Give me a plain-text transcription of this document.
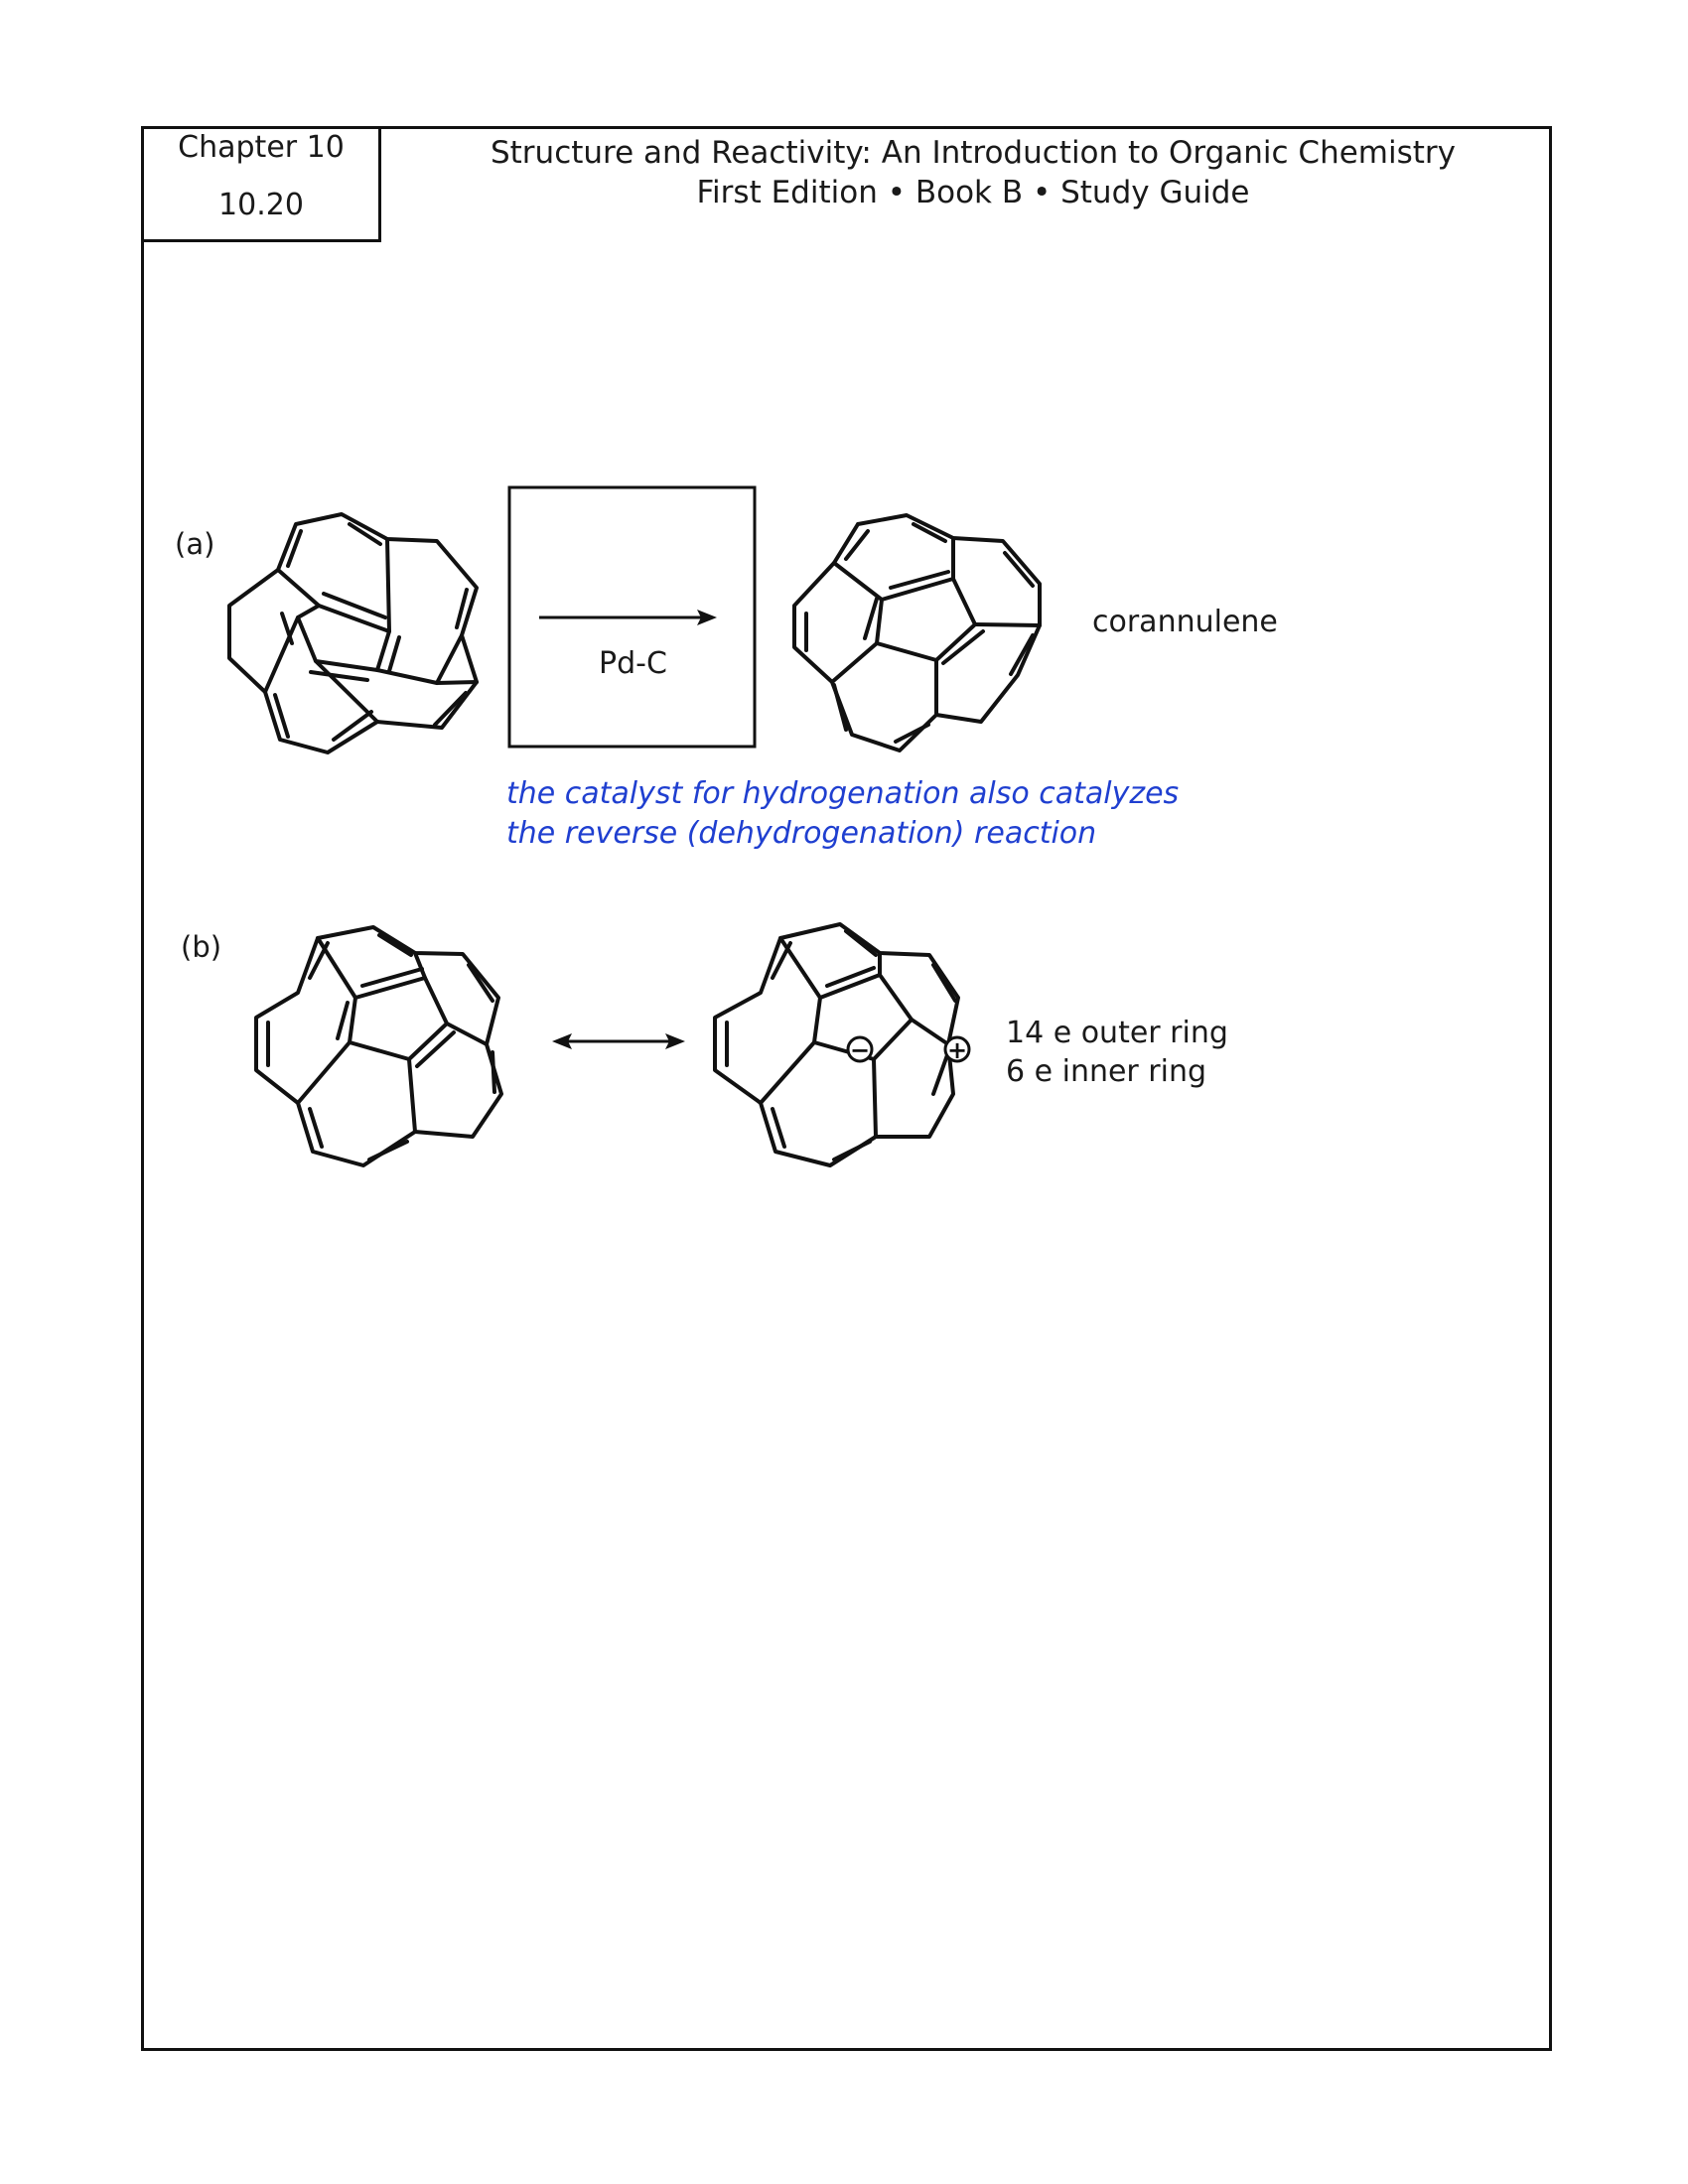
Chapter 10
10.20
Structure and Reactivity: An Introduction to Organic Chemistry
First Edition • Book B • Study Guide
−	+
(a)
Pd-C
corannulene
the catalyst for hydrogenation also catalyzes
the reverse (dehydrogenation) reaction
(b)
14 e outer ring
6 e inner ring
